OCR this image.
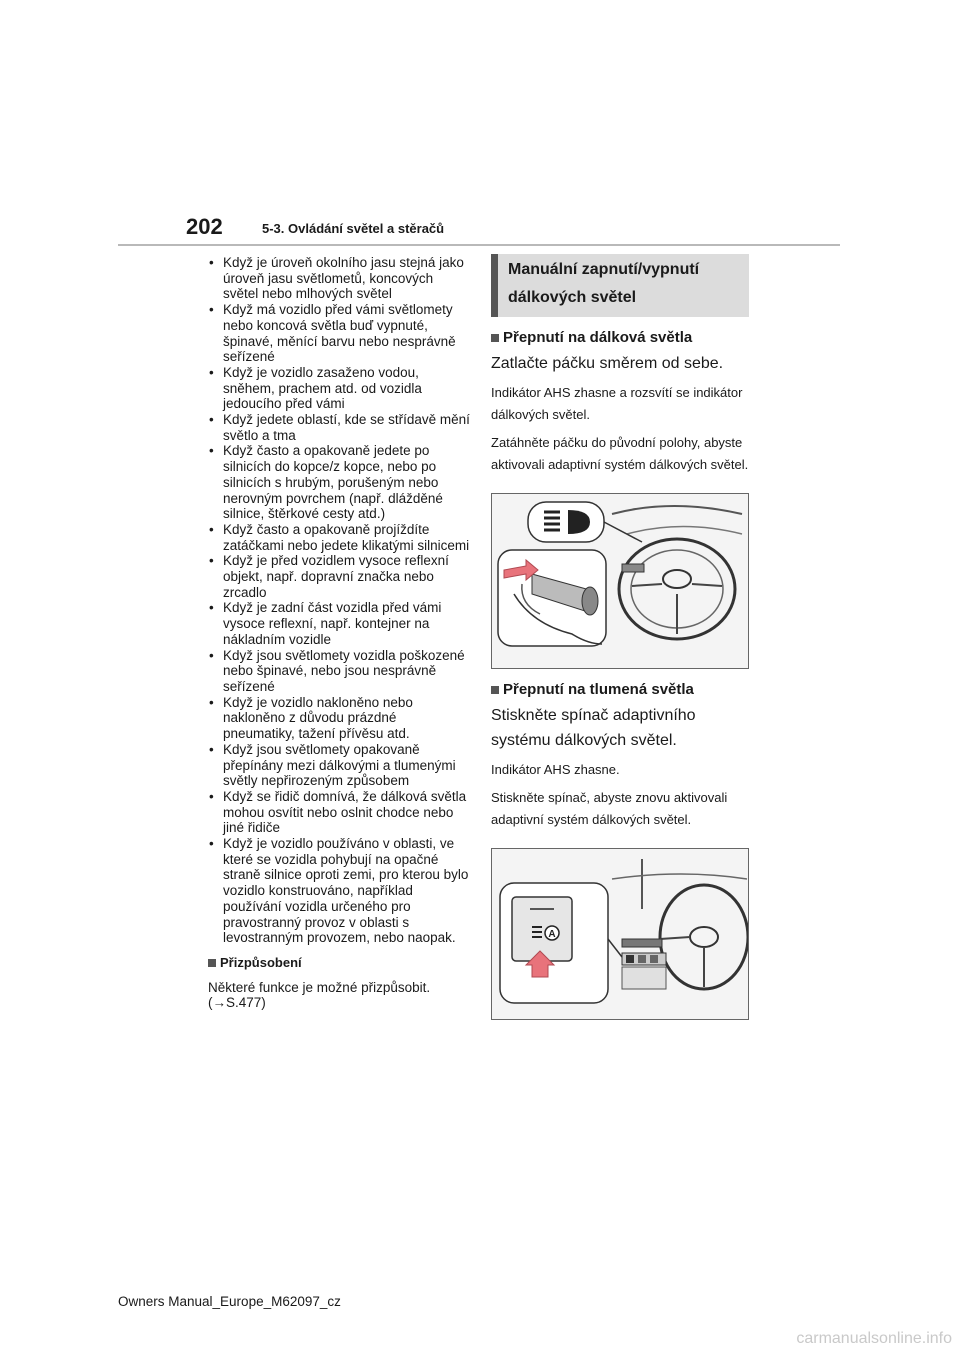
202	5-3. Ovládání světel a stěračů
• Když je úroveň okolního jasu stejná jako úroveň jasu světlometů, koncových světel nebo mlhových světel
• Když má vozidlo před vámi světlomety nebo koncová světla buď vypnuté, špinavé, měnící barvu nebo nesprávně seřízené
• Když je vozidlo zasaženo vodou, sněhem, prachem atd. od vozidla jedoucího před vámi
• Když jedete oblastí, kde se střídavě mění světlo a tma
• Když často a opakovaně jedete po silnicích do kopce/z kopce, nebo po silnicích s hrubým, porušeným nebo nerovným povrchem (např. dlážděné silnice, štěrkové cesty atd.)
• Když často a opakovaně projíždíte zatáčkami nebo jedete klikatými silnicemi
• Když je před vozidlem vysoce reflexní objekt, např. dopravní značka nebo zrcadlo
• Když je zadní část vozidla před vámi vysoce reflexní, např. kontejner na nákladním vozidle
• Když jsou světlomety vozidla poškozené nebo špinavé, nebo jsou nesprávně seřízené
• Když je vozidlo nakloněno nebo nakloněno z důvodu prázdné pneumatiky, tažení přívěsu atd.
• Když jsou světlomety opakovaně přepínány mezi dálkovými a tlumenými světly nepřirozeným způsobem
• Když se řidič domnívá, že dálková světla mohou osvítit nebo oslnit chodce nebo jiné řidiče
• Když je vozidlo používáno v oblasti, ve které se vozidla pohybují na opačné straně silnice oproti zemi, pro kterou bylo vozidlo konstruováno, například používání vozidla určeného pro pravostranný provoz v oblasti s levostranným provozem, nebo naopak.
Přizpůsobení
Některé funkce je možné přizpůsobit.
(→S.477)
Manuální zapnutí/vypnutí dálkových světel
Přepnutí na dálková světla
Zatlačte páčku směrem od sebe.
Indikátor AHS zhasne a rozsvítí se indikátor dálkových světel.
Zatáhněte páčku do původní polohy, abyste aktivovali adaptivní systém dálkových světel.
Přepnutí na tlumená světla
Stiskněte spínač adaptivního systému dálkových světel.
Indikátor AHS zhasne.
Stiskněte spínač, abyste znovu aktivovali adaptivní systém dálkových světel.
A
Owners Manual_Europe_M62097_cz
carmanualsonline.info
